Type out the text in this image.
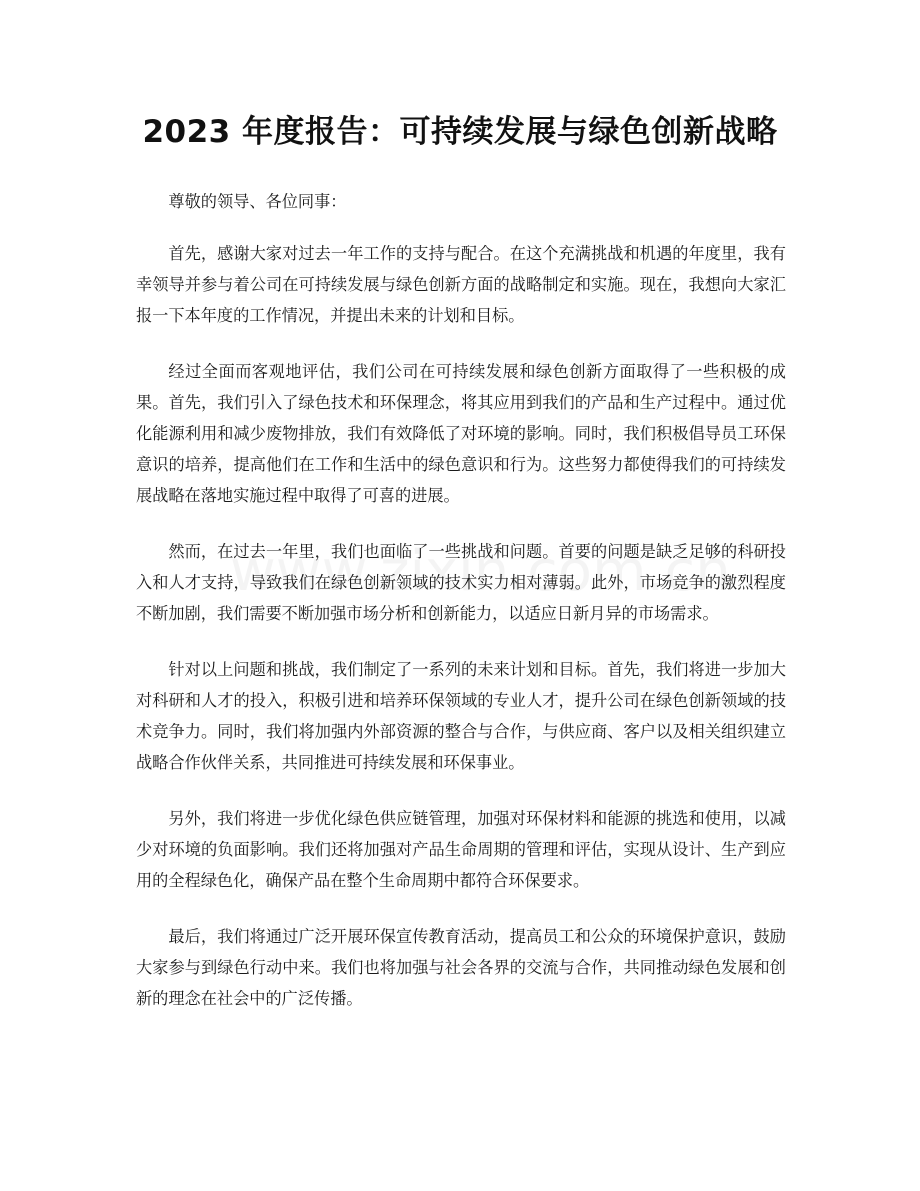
2023 年度报告：可持续发展与绿色创新战略

尊敬的领导、各位同事：

首先，感谢大家对过去一年工作的支持与配合。在这个充满挑战和机遇的年度里，我有幸领导并参与着公司在可持续发展与绿色创新方面的战略制定和实施。现在，我想向大家汇报一下本年度的工作情况，并提出未来的计划和目标。

经过全面而客观地评估，我们公司在可持续发展和绿色创新方面取得了一些积极的成果。首先，我们引入了绿色技术和环保理念，将其应用到我们的产品和生产过程中。通过优化能源利用和减少废物排放，我们有效降低了对环境的影响。同时，我们积极倡导员工环保意识的培养，提高他们在工作和生活中的绿色意识和行为。这些努力都使得我们的可持续发展战略在落地实施过程中取得了可喜的进展。

然而，在过去一年里，我们也面临了一些挑战和问题。首要的问题是缺乏足够的科研投入和人才支持，导致我们在绿色创新领域的技术实力相对薄弱。此外，市场竞争的激烈程度不断加剧，我们需要不断加强市场分析和创新能力，以适应日新月异的市场需求。

针对以上问题和挑战，我们制定了一系列的未来计划和目标。首先，我们将进一步加大对科研和人才的投入，积极引进和培养环保领域的专业人才，提升公司在绿色创新领域的技术竞争力。同时，我们将加强内外部资源的整合与合作，与供应商、客户以及相关组织建立战略合作伙伴关系，共同推进可持续发展和环保事业。

另外，我们将进一步优化绿色供应链管理，加强对环保材料和能源的挑选和使用，以减少对环境的负面影响。我们还将加强对产品生命周期的管理和评估，实现从设计、生产到应用的全程绿色化，确保产品在整个生命周期中都符合环保要求。

最后，我们将通过广泛开展环保宣传教育活动，提高员工和公众的环境保护意识，鼓励大家参与到绿色行动中来。我们也将加强与社会各界的交流与合作，共同推动绿色发展和创新的理念在社会中的广泛传播。
